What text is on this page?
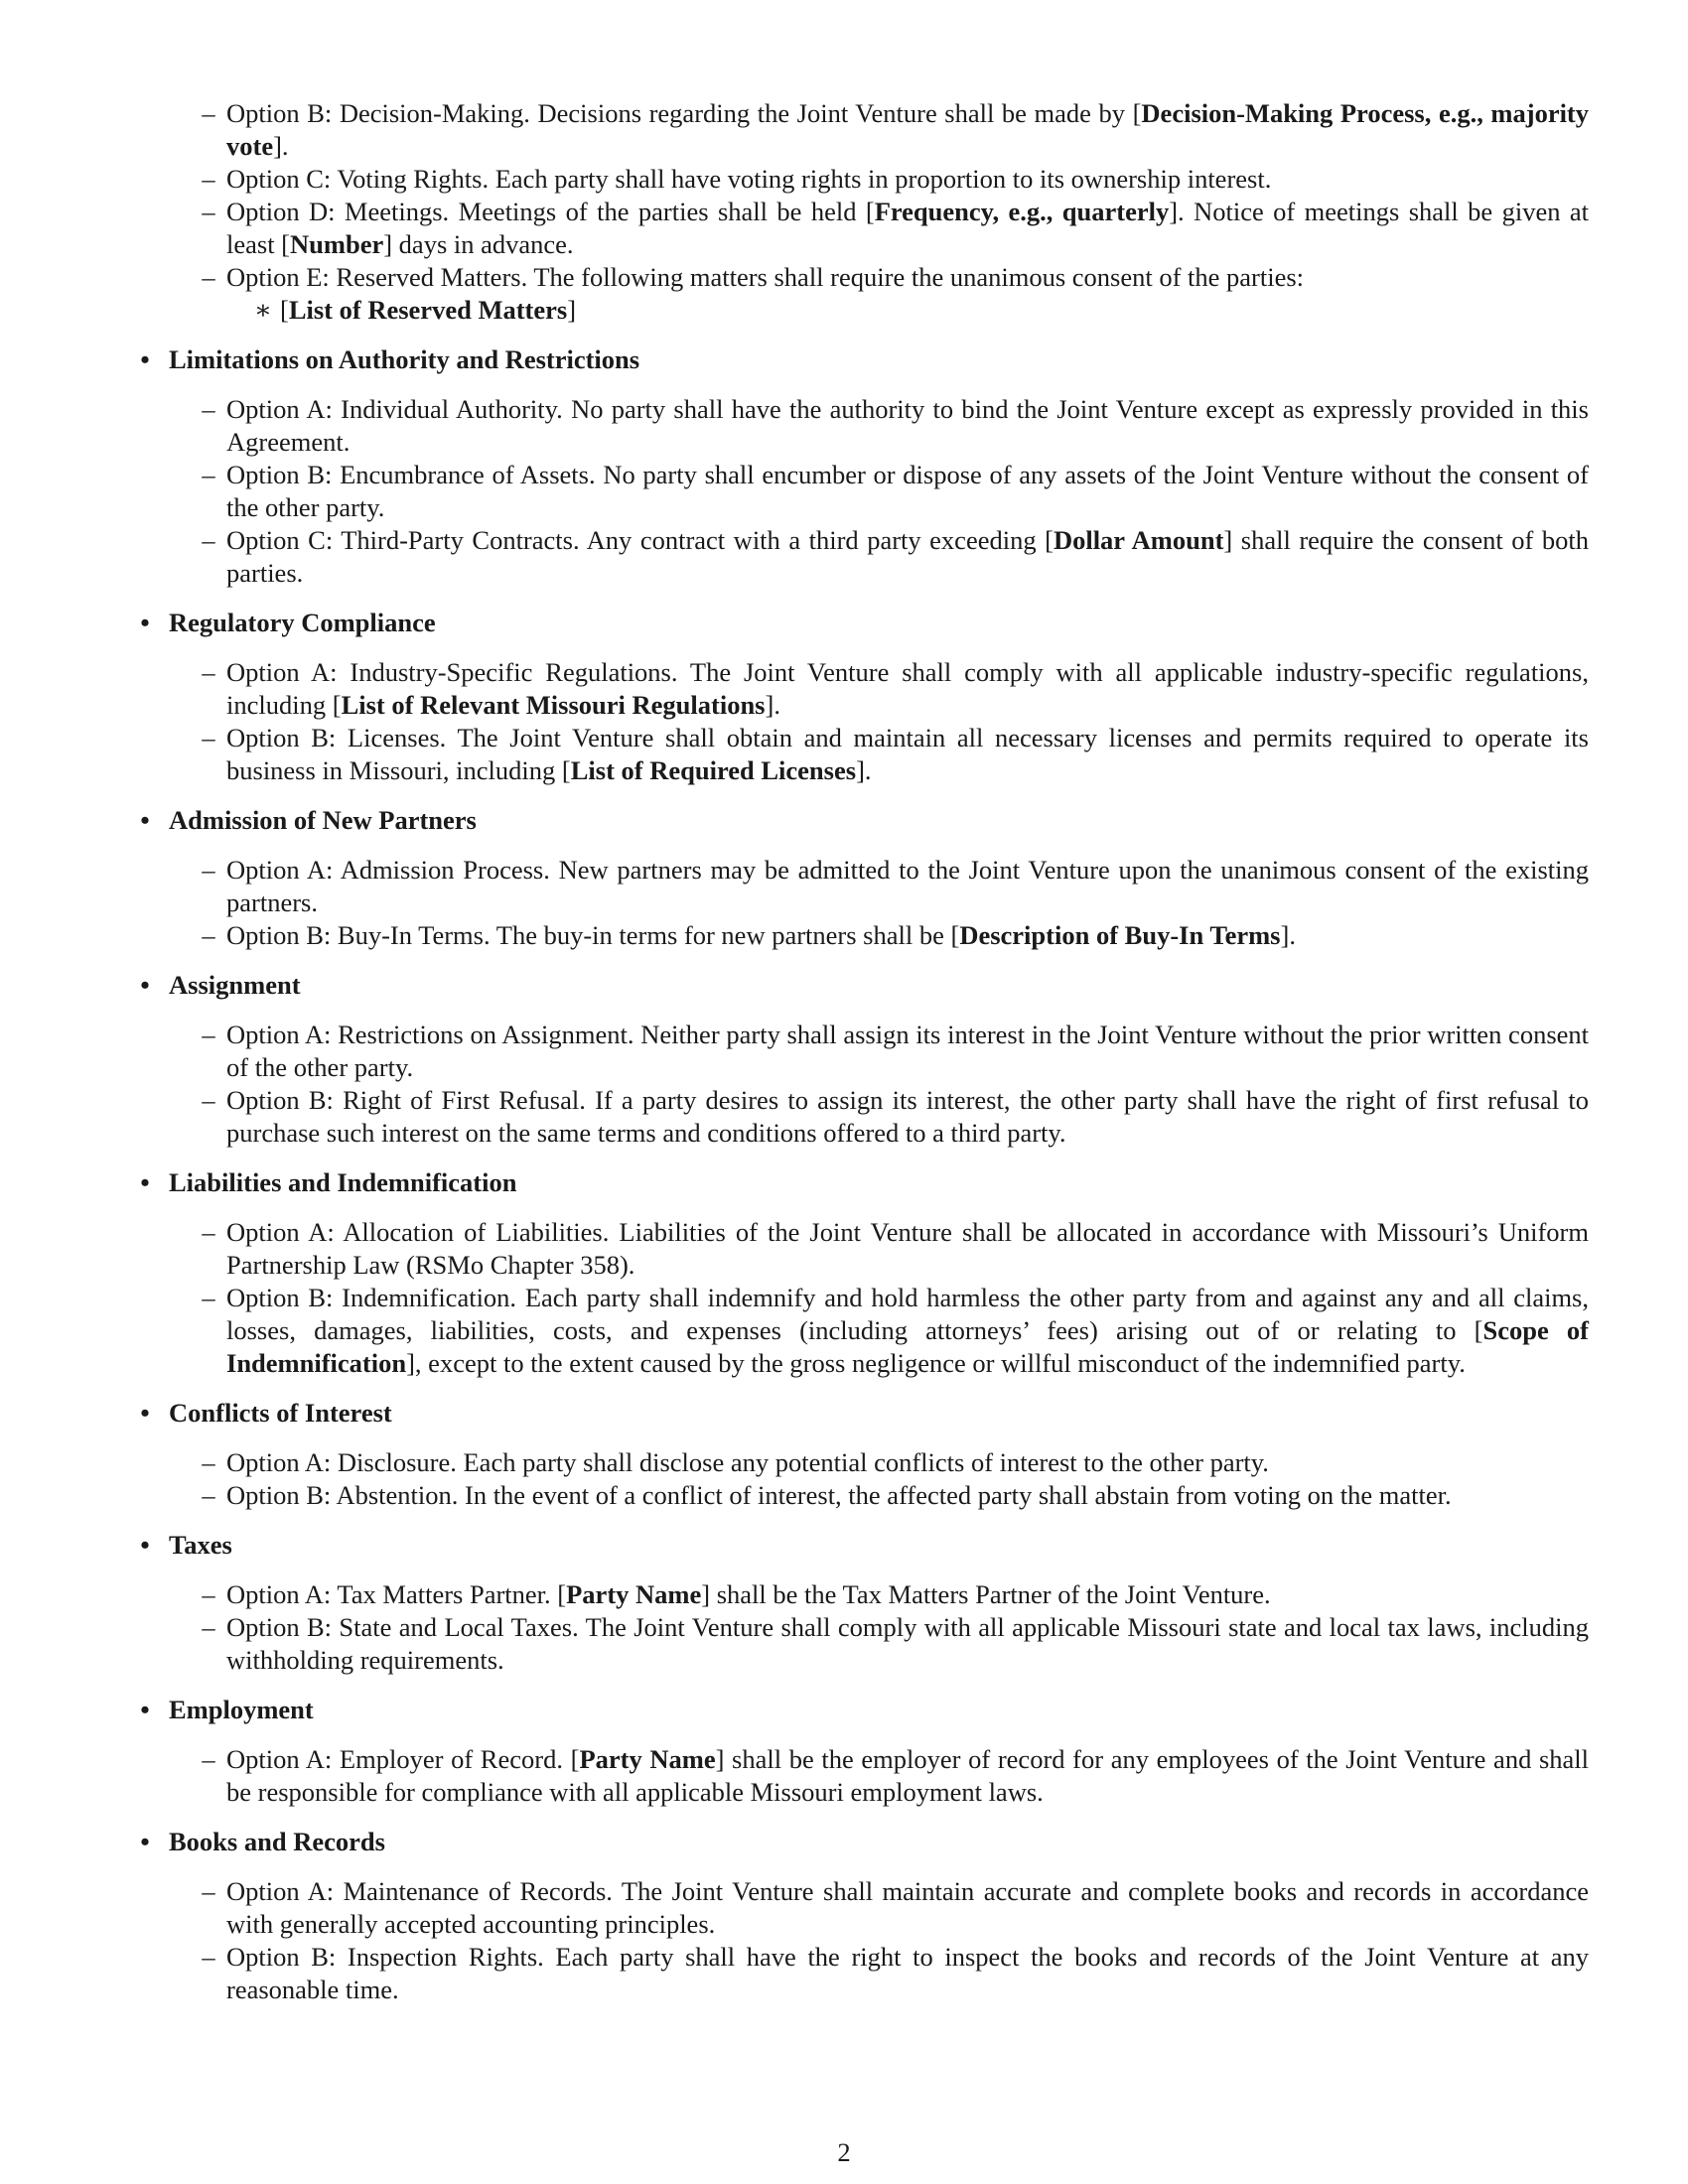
– Option B: Decision-Making. Decisions regarding the Joint Venture shall be made by [Decision-Making Process, e.g., majority vote].
– Option C: Voting Rights. Each party shall have voting rights in proportion to its ownership interest.
– Option D: Meetings. Meetings of the parties shall be held [Frequency, e.g., quarterly]. Notice of meetings shall be given at least [Number] days in advance.
– Option E: Reserved Matters. The following matters shall require the unanimous consent of the parties:
∗ [List of Reserved Matters]
• Limitations on Authority and Restrictions
– Option A: Individual Authority. No party shall have the authority to bind the Joint Venture except as expressly provided in this Agreement.
– Option B: Encumbrance of Assets. No party shall encumber or dispose of any assets of the Joint Venture without the consent of the other party.
– Option C: Third-Party Contracts. Any contract with a third party exceeding [Dollar Amount] shall require the consent of both parties.
• Regulatory Compliance
– Option A: Industry-Specific Regulations. The Joint Venture shall comply with all applicable industry-specific regulations, including [List of Relevant Missouri Regulations].
– Option B: Licenses. The Joint Venture shall obtain and maintain all necessary licenses and permits required to operate its business in Missouri, including [List of Required Licenses].
• Admission of New Partners
– Option A: Admission Process. New partners may be admitted to the Joint Venture upon the unanimous consent of the existing partners.
– Option B: Buy-In Terms. The buy-in terms for new partners shall be [Description of Buy-In Terms].
• Assignment
– Option A: Restrictions on Assignment. Neither party shall assign its interest in the Joint Venture without the prior written consent of the other party.
– Option B: Right of First Refusal. If a party desires to assign its interest, the other party shall have the right of first refusal to purchase such interest on the same terms and conditions offered to a third party.
• Liabilities and Indemnification
– Option A: Allocation of Liabilities. Liabilities of the Joint Venture shall be allocated in accordance with Missouri’s Uniform Partnership Law (RSMo Chapter 358).
– Option B: Indemnification. Each party shall indemnify and hold harmless the other party from and against any and all claims, losses, damages, liabilities, costs, and expenses (including attorneys’ fees) arising out of or relating to [Scope of Indemnification], except to the extent caused by the gross negligence or willful misconduct of the indemnified party.
• Conflicts of Interest
– Option A: Disclosure. Each party shall disclose any potential conflicts of interest to the other party.
– Option B: Abstention. In the event of a conflict of interest, the affected party shall abstain from voting on the matter.
• Taxes
– Option A: Tax Matters Partner. [Party Name] shall be the Tax Matters Partner of the Joint Venture.
– Option B: State and Local Taxes. The Joint Venture shall comply with all applicable Missouri state and local tax laws, including withholding requirements.
• Employment
– Option A: Employer of Record. [Party Name] shall be the employer of record for any employees of the Joint Venture and shall be responsible for compliance with all applicable Missouri employment laws.
• Books and Records
– Option A: Maintenance of Records. The Joint Venture shall maintain accurate and complete books and records in accordance with generally accepted accounting principles.
– Option B: Inspection Rights. Each party shall have the right to inspect the books and records of the Joint Venture at any reasonable time.
2
